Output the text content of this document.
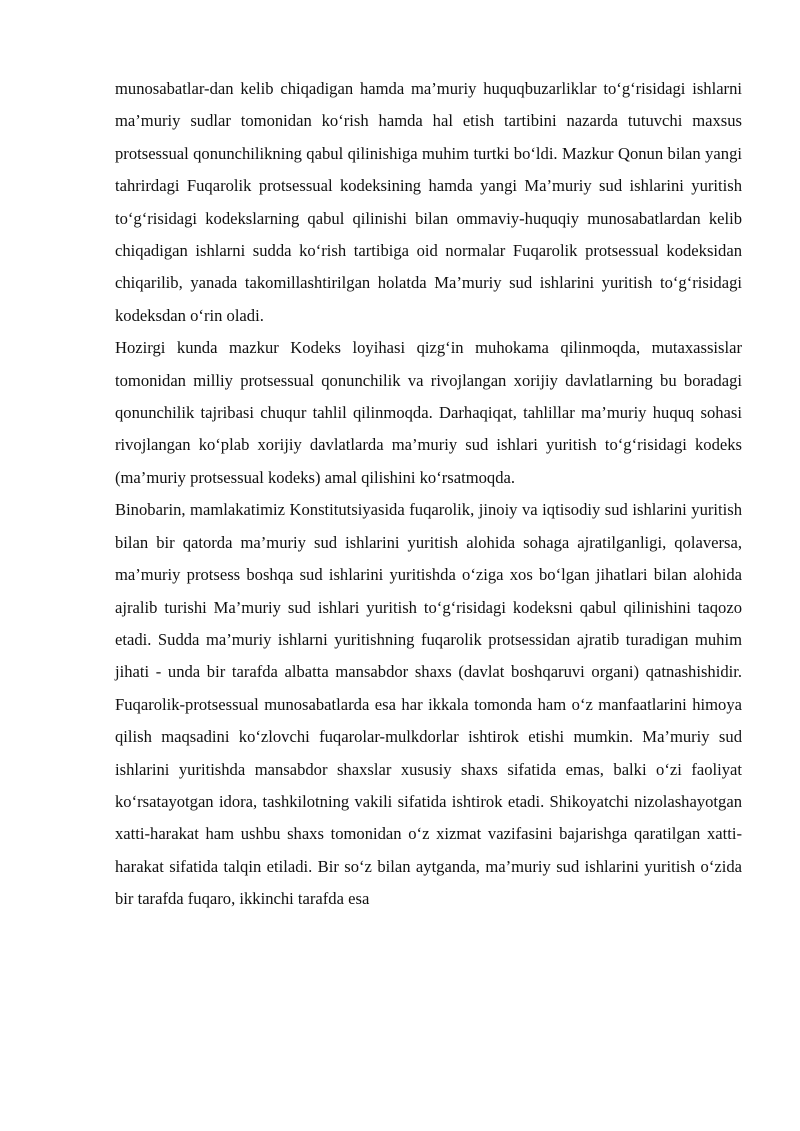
munosabatlar-dan kelib chiqadigan hamda ma’muriy huquqbuzarliklar to‘g‘risidagi ishlarni ma’muriy sudlar tomonidan ko‘rish hamda hal etish tartibini nazarda tutuvchi maxsus protsessual qonunchilikning qabul qilinishiga muhim turtki bo‘ldi. Mazkur Qonun bilan yangi tahrirdagi Fuqarolik protsessual kodeksining hamda yangi Ma’muriy sud ishlarini yuritish to‘g‘risidagi kodekslarning qabul qilinishi bilan ommaviy-huquqiy munosabatlardan kelib chiqadigan ishlarni sudda ko‘rish tartibiga oid normalar Fuqarolik protsessual kodeksidan chiqarilib, yanada takomillashtirilgan holatda Ma’muriy sud ishlarini yuritish to‘g‘risidagi kodeksdan o‘rin oladi.

Hozirgi kunda mazkur Kodeks loyihasi qizg‘in muhokama qilinmoqda, mutaxassislar tomonidan milliy protsessual qonunchilik va rivojlangan xorijiy davlatlarning bu boradagi qonunchilik tajribasi chuqur tahlil qilinmoqda. Darhaqiqat, tahlillar ma’muriy huquq sohasi rivojlangan ko‘plab xorijiy davlatlarda ma’muriy sud ishlari yuritish to‘g‘risidagi kodeks (ma’muriy protsessual kodeks) amal qilishini ko‘rsatmoqda.

Binobarin, mamlakatimiz Konstitutsiyasida fuqarolik, jinoiy va iqtisodiy sud ishlarini yuritish bilan bir qatorda ma’muriy sud ishlarini yuritish alohida sohaga ajratilganligi, qolaversa, ma’muriy protsess boshqa sud ishlarini yuritishda o‘ziga xos bo‘lgan jihatlari bilan alohida ajralib turishi Ma’muriy sud ishlari yuritish to‘g‘risidagi kodeksni qabul qilinishini taqozo etadi. Sudda ma’muriy ishlarni yuritishning fuqarolik protsessidan ajratib turadigan muhim jihati - unda bir tarafda albatta mansabdor shaxs (davlat boshqaruvi organi) qatnashishidir. Fuqarolik-protsessual munosabatlarda esa har ikkala tomonda ham o‘z manfaatlarini himoya qilish maqsadini ko‘zlovchi fuqarolar-mulkdorlar ishtirok etishi mumkin. Ma’muriy sud ishlarini yuritishda mansabdor shaxslar xususiy shaxs sifatida emas, balki o‘zi faoliyat ko‘rsatayotgan idora, tashkilotning vakili sifatida ishtirok etadi. Shikoyatchi nizolashayotgan xatti-harakat ham ushbu shaxs tomonidan o‘z xizmat vazifasini bajarishga qaratilgan xatti-harakat sifatida talqin etiladi. Bir so‘z bilan aytganda, ma’muriy sud ishlarini yuritish o‘zida bir tarafda fuqaro, ikkinchi tarafda esa
